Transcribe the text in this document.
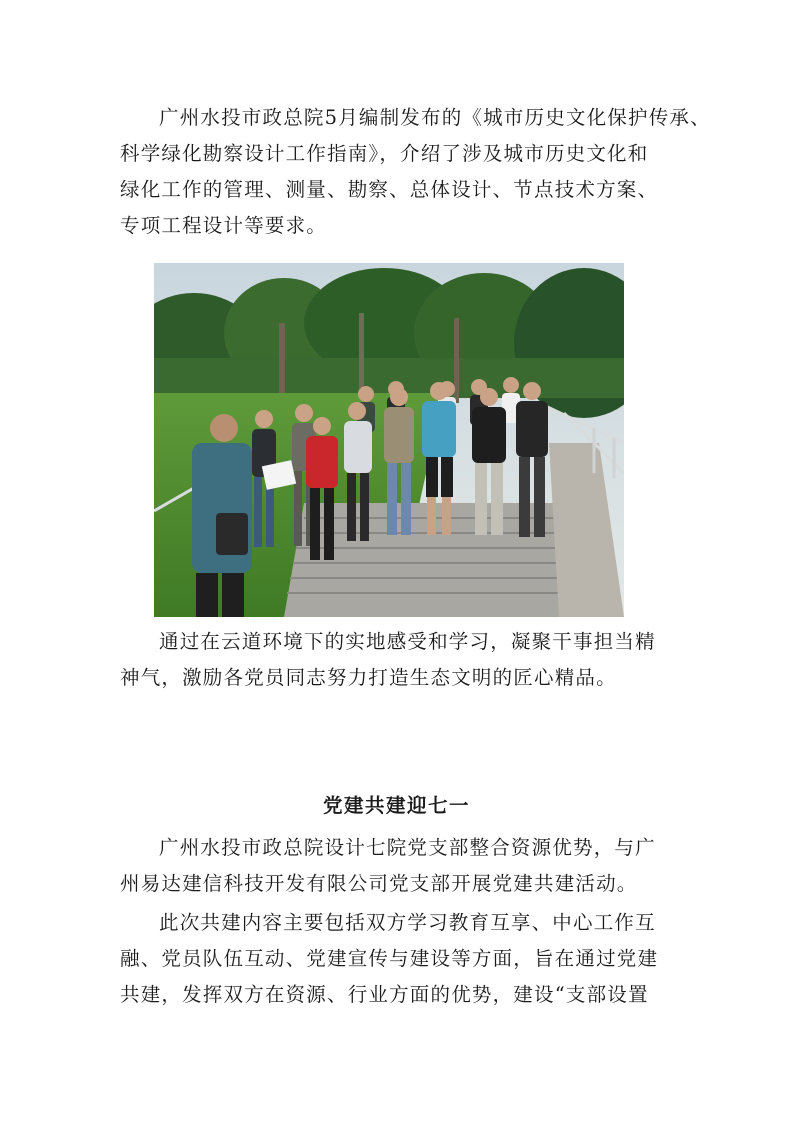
广州水投市政总院5月编制发布的《城市历史文化保护传承、
科学绿化勘察设计工作指南》，介绍了涉及城市历史文化和
绿化工作的管理、测量、勘察、总体设计、节点技术方案、
专项工程设计等要求。

通过在云道环境下的实地感受和学习，凝聚干事担当精
神气，激励各党员同志努力打造生态文明的匠心精品。

党建共建迎七一

广州水投市政总院设计七院党支部整合资源优势，与广
州易达建信科技开发有限公司党支部开展党建共建活动。

此次共建内容主要包括双方学习教育互享、中心工作互
融、党员队伍互动、党建宣传与建设等方面，旨在通过党建
共建，发挥双方在资源、行业方面的优势，建设“支部设置
